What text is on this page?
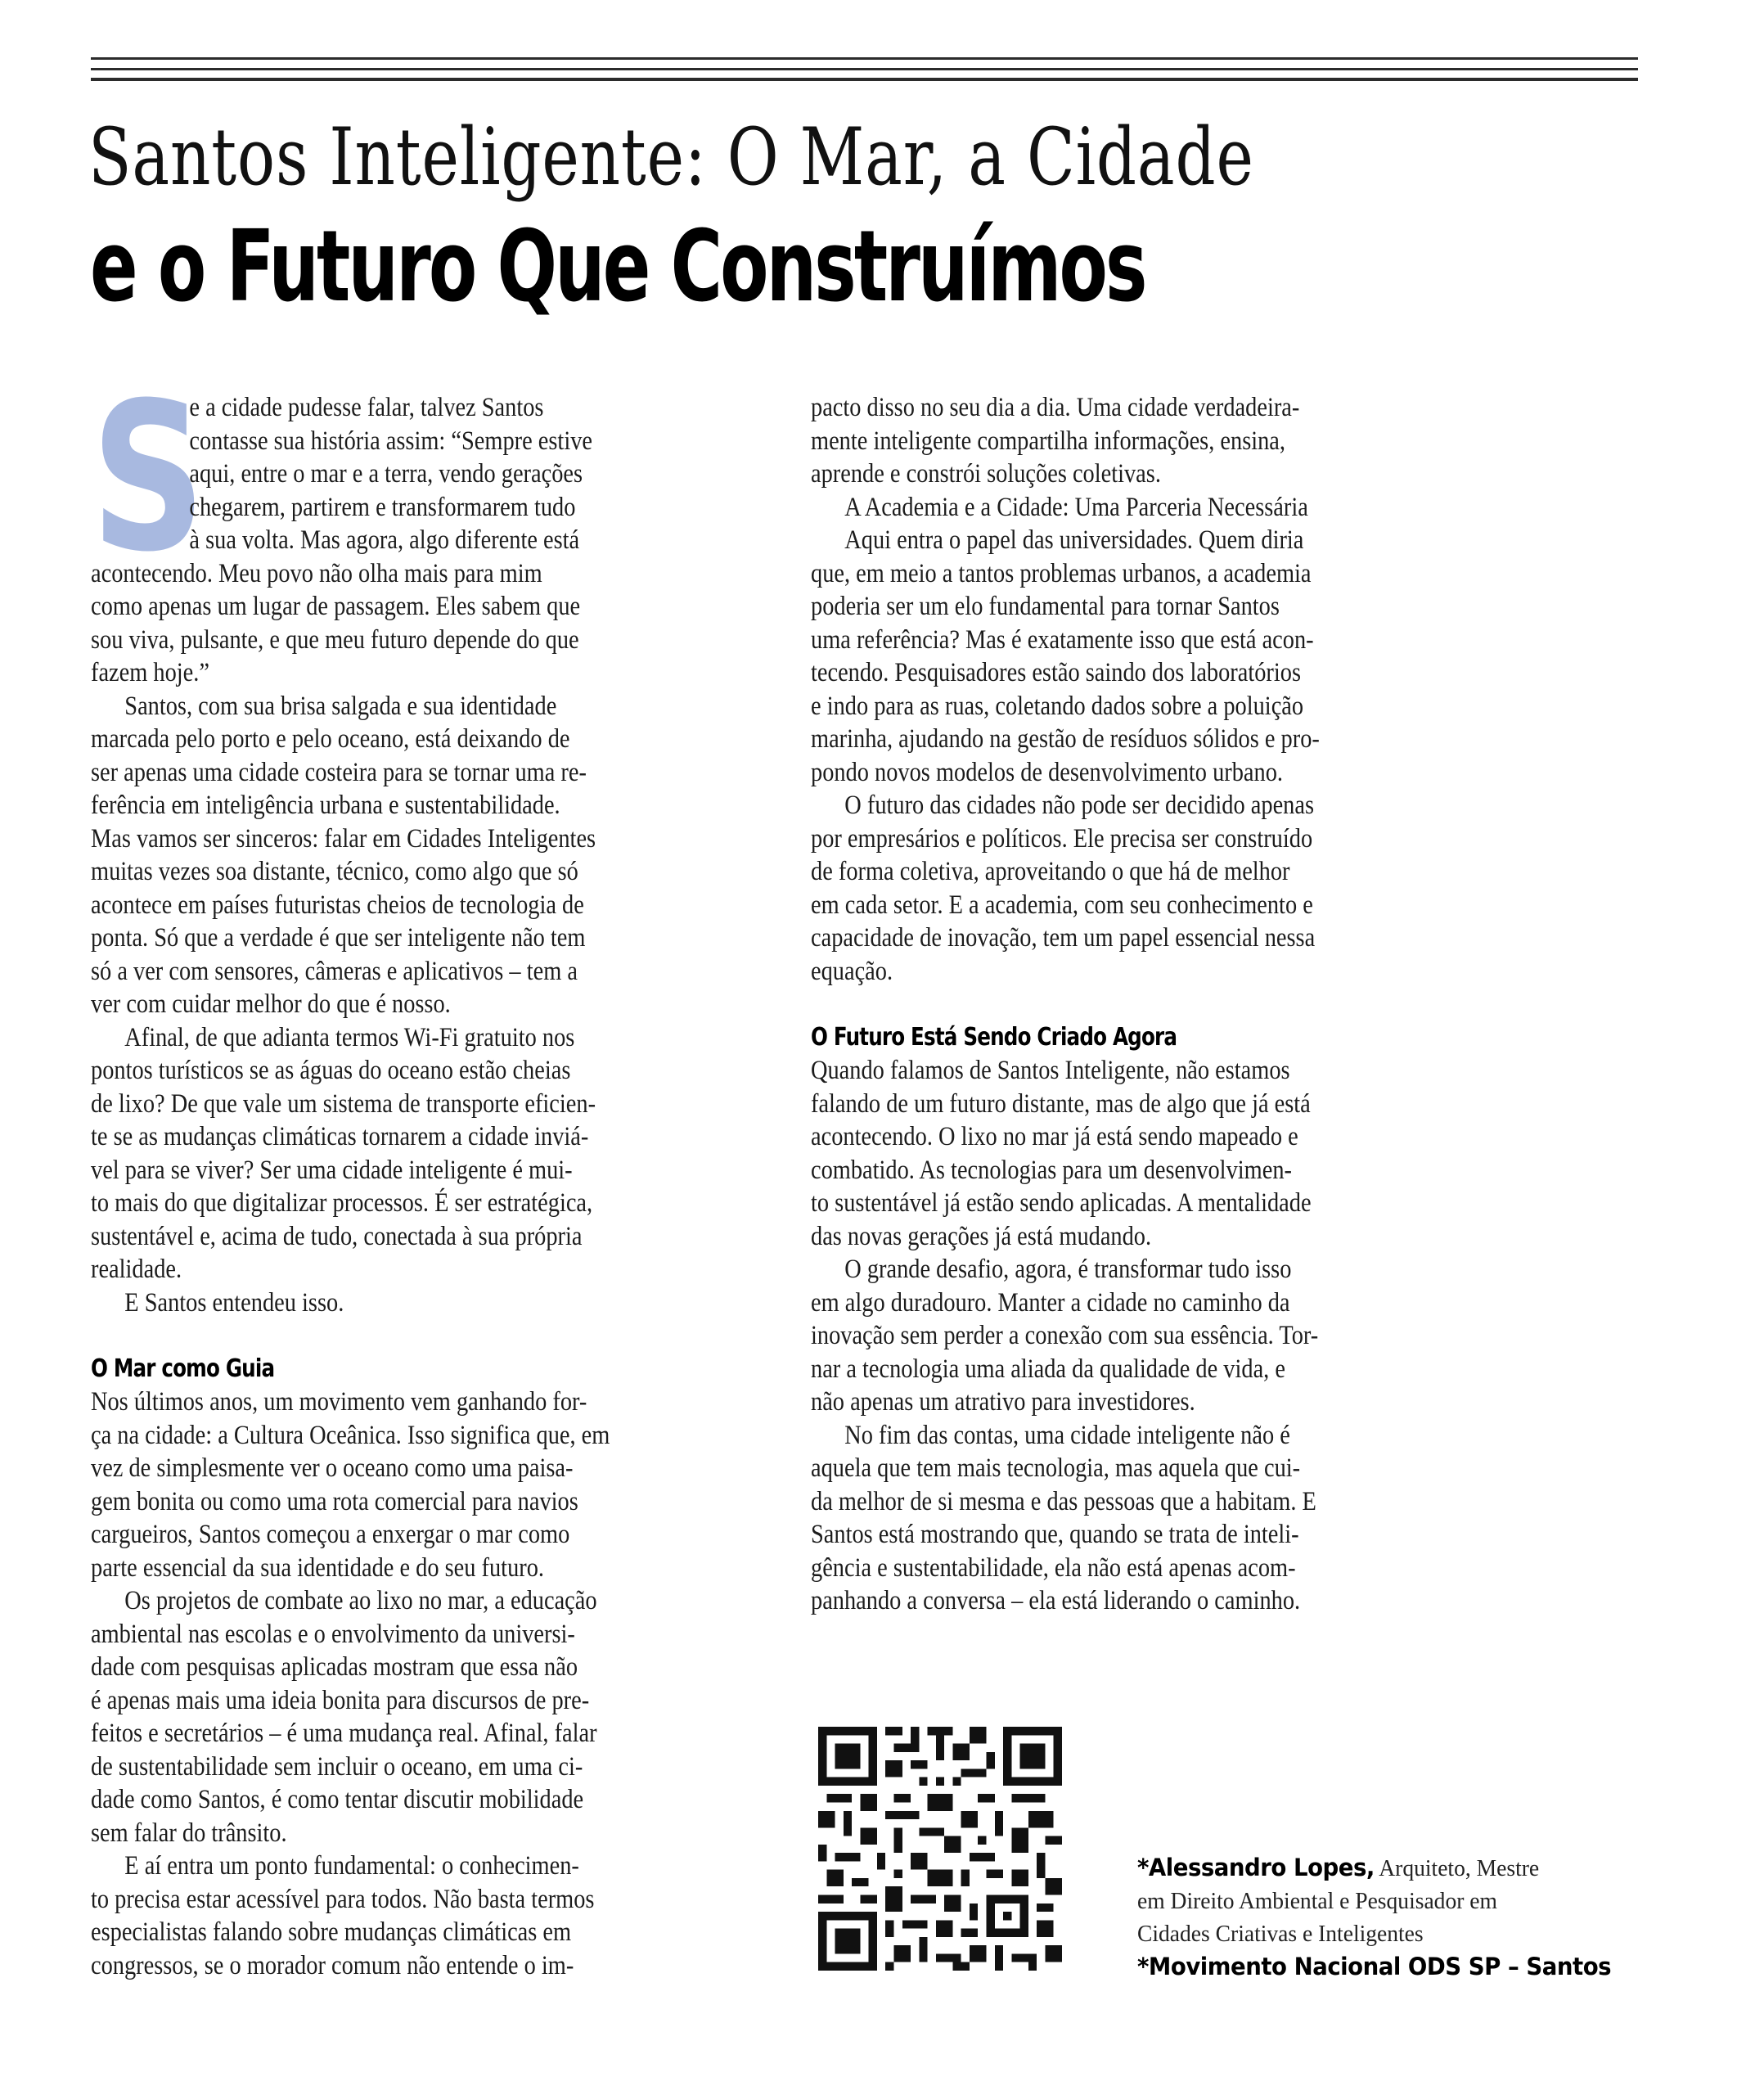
Santos Inteligente: O Mar, a Cidade
e o Futuro Que Construímos
S

e a cidade pudesse falar, talvez Santos
contasse sua história assim: “Sempre estive
aqui, entre o mar e a terra, vendo gerações
chegarem, partirem e transformarem tudo
à sua volta. Mas agora, algo diferente está
acontecendo. Meu povo não olha mais para mim
como apenas um lugar de passagem. Eles sabem que
sou viva, pulsante, e que meu futuro depende do que
fazem hoje.”

Santos, com sua brisa salgada e sua identidade
marcada pelo porto e pelo oceano, está deixando de
ser apenas uma cidade costeira para se tornar uma re-
ferência em inteligência urbana e sustentabilidade.
Mas vamos ser sinceros: falar em Cidades Inteligentes
muitas vezes soa distante, técnico, como algo que só
acontece em países futuristas cheios de tecnologia de
ponta. Só que a verdade é que ser inteligente não tem
só a ver com sensores, câmeras e aplicativos – tem a
ver com cuidar melhor do que é nosso.

Afinal, de que adianta termos Wi-Fi gratuito nos
pontos turísticos se as águas do oceano estão cheias
de lixo? De que vale um sistema de transporte eficien-
te se as mudanças climáticas tornarem a cidade inviá-
vel para se viver? Ser uma cidade inteligente é mui-
to mais do que digitalizar processos. É ser estratégica,
sustentável e, acima de tudo, conectada à sua própria
realidade.

E Santos entendeu isso.

O Mar como Guia

Nos últimos anos, um movimento vem ganhando for-
ça na cidade: a Cultura Oceânica. Isso significa que, em
vez de simplesmente ver o oceano como uma paisa-
gem bonita ou como uma rota comercial para navios
cargueiros, Santos começou a enxergar o mar como
parte essencial da sua identidade e do seu futuro.

Os projetos de combate ao lixo no mar, a educação
ambiental nas escolas e o envolvimento da universi-
dade com pesquisas aplicadas mostram que essa não
é apenas mais uma ideia bonita para discursos de pre-
feitos e secretários – é uma mudança real. Afinal, falar
de sustentabilidade sem incluir o oceano, em uma ci-
dade como Santos, é como tentar discutir mobilidade
sem falar do trânsito.

E aí entra um ponto fundamental: o conhecimen-
to precisa estar acessível para todos. Não basta termos
especialistas falando sobre mudanças climáticas em
congressos, se o morador comum não entende o im-

pacto disso no seu dia a dia. Uma cidade verdadeira-
mente inteligente compartilha informações, ensina,
aprende e constrói soluções coletivas.

A Academia e a Cidade: Uma Parceria Necessária

Aqui entra o papel das universidades. Quem diria
que, em meio a tantos problemas urbanos, a academia
poderia ser um elo fundamental para tornar Santos
uma referência? Mas é exatamente isso que está acon-
tecendo. Pesquisadores estão saindo dos laboratórios
e indo para as ruas, coletando dados sobre a poluição
marinha, ajudando na gestão de resíduos sólidos e pro-
pondo novos modelos de desenvolvimento urbano.

O futuro das cidades não pode ser decidido apenas
por empresários e políticos. Ele precisa ser construído
de forma coletiva, aproveitando o que há de melhor
em cada setor. E a academia, com seu conhecimento e
capacidade de inovação, tem um papel essencial nessa
equação.

O Futuro Está Sendo Criado Agora

Quando falamos de Santos Inteligente, não estamos
falando de um futuro distante, mas de algo que já está
acontecendo. O lixo no mar já está sendo mapeado e
combatido. As tecnologias para um desenvolvimen-
to sustentável já estão sendo aplicadas. A mentalidade
das novas gerações já está mudando.

O grande desafio, agora, é transformar tudo isso
em algo duradouro. Manter a cidade no caminho da
inovação sem perder a conexão com sua essência. Tor-
nar a tecnologia uma aliada da qualidade de vida, e
não apenas um atrativo para investidores.

No fim das contas, uma cidade inteligente não é
aquela que tem mais tecnologia, mas aquela que cui-
da melhor de si mesma e das pessoas que a habitam. E
Santos está mostrando que, quando se trata de inteli-
gência e sustentabilidade, ela não está apenas acom-
panhando a conversa – ela está liderando o caminho.

*Alessandro Lopes, Arquiteto, Mestre
em Direito Ambiental e Pesquisador em
Cidades Criativas e Inteligentes
*Movimento Nacional ODS SP – Santos
